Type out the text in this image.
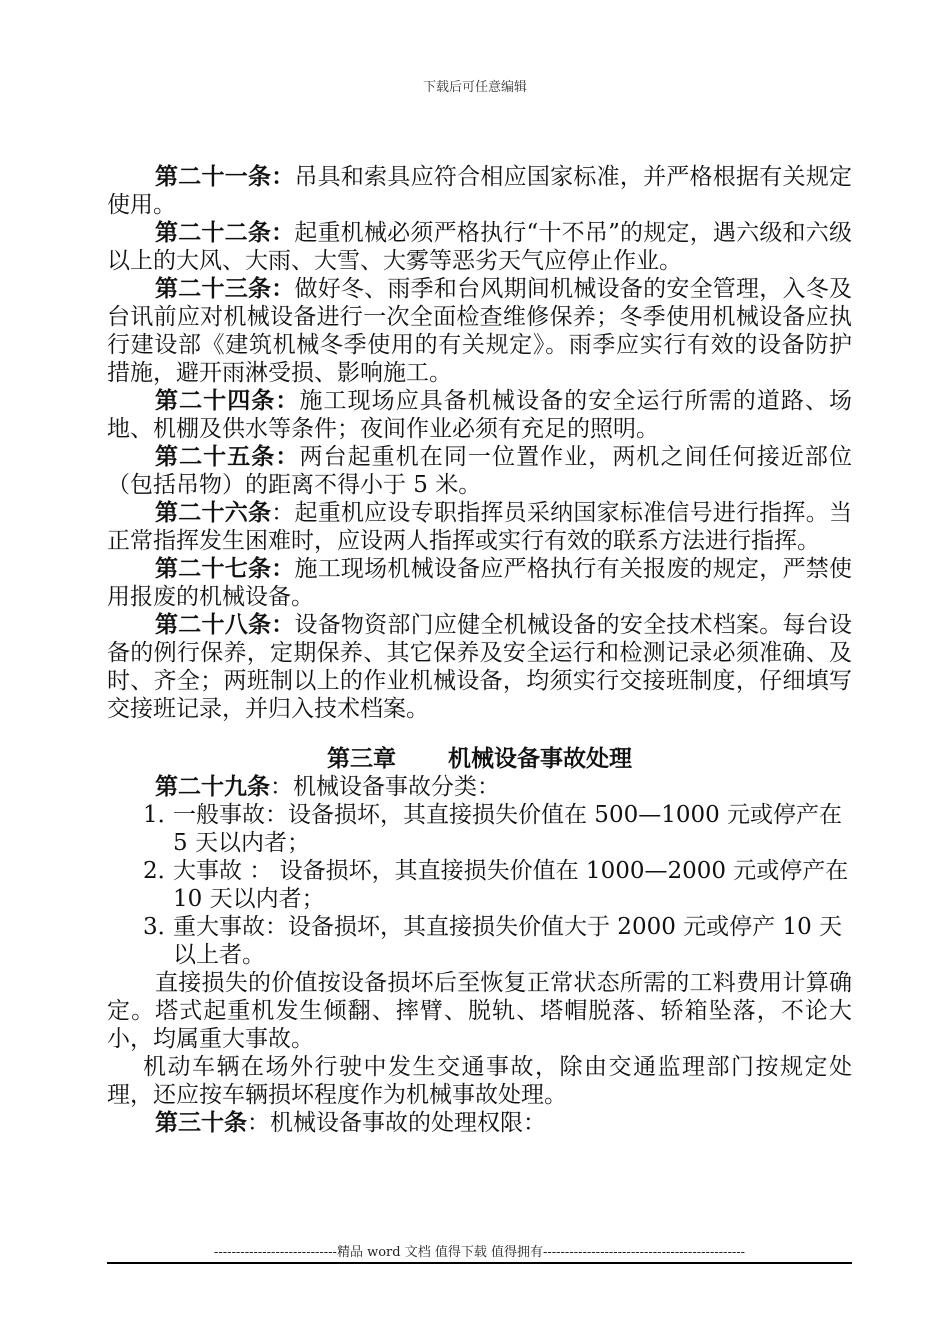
下载后可任意编辑

第二十一条：吊具和索具应符合相应国家标准，并严格根据有关规定使用。

第二十二条：起重机械必须严格执行“十不吊”的规定，遇六级和六级以上的大风、大雨、大雪、大雾等恶劣天气应停止作业。

第二十三条：做好冬、雨季和台风期间机械设备的安全管理，入冬及台讯前应对机械设备进行一次全面检查维修保养；冬季使用机械设备应执行建设部《建筑机械冬季使用的有关规定》。雨季应实行有效的设备防护措施，避开雨淋受损、影响施工。

第二十四条：施工现场应具备机械设备的安全运行所需的道路、场地、机棚及供水等条件；夜间作业必须有充足的照明。

第二十五条：两台起重机在同一位置作业，两机之间任何接近部位（包括吊物）的距离不得小于 5 米。

第二十六条：起重机应设专职指挥员采纳国家标准信号进行指挥。当正常指挥发生困难时，应设两人指挥或实行有效的联系方法进行指挥。

第二十七条：施工现场机械设备应严格执行有关报废的规定，严禁使用报废的机械设备。

第二十八条：设备物资部门应健全机械设备的安全技术档案。每台设备的例行保养，定期保养、其它保养及安全运行和检测记录必须准确、及时、齐全；两班制以上的作业机械设备，均须实行交接班制度，仔细填写交接班记录，并归入技术档案。

第三章 机械设备事故处理

第二十九条：机械设备事故分类：

1．
一般事故：设备损坏，其直接损失价值在 500—1000 元或停产在 5 天以内者；
2．
大事故 ： 设备损坏，其直接损失价值在 1000—2000 元或停产在 10 天以内者；
3．
重大事故：设备损坏，其直接损失价值大于 2000 元或停产 10 天以上者。

直接损失的价值按设备损坏后至恢复正常状态所需的工料费用计算确定。塔式起重机发生倾翻、摔臂、脱轨、塔帽脱落、轿箱坠落，不论大小，均属重大事故。

机动车辆在场外行驶中发生交通事故，除由交通监理部门按规定处理，还应按车辆损坏程度作为机械事故处理。

第三十条：机械设备事故的处理权限：

----------------------------精品 word 文档 值得下载 值得拥有----------------------------------------------
